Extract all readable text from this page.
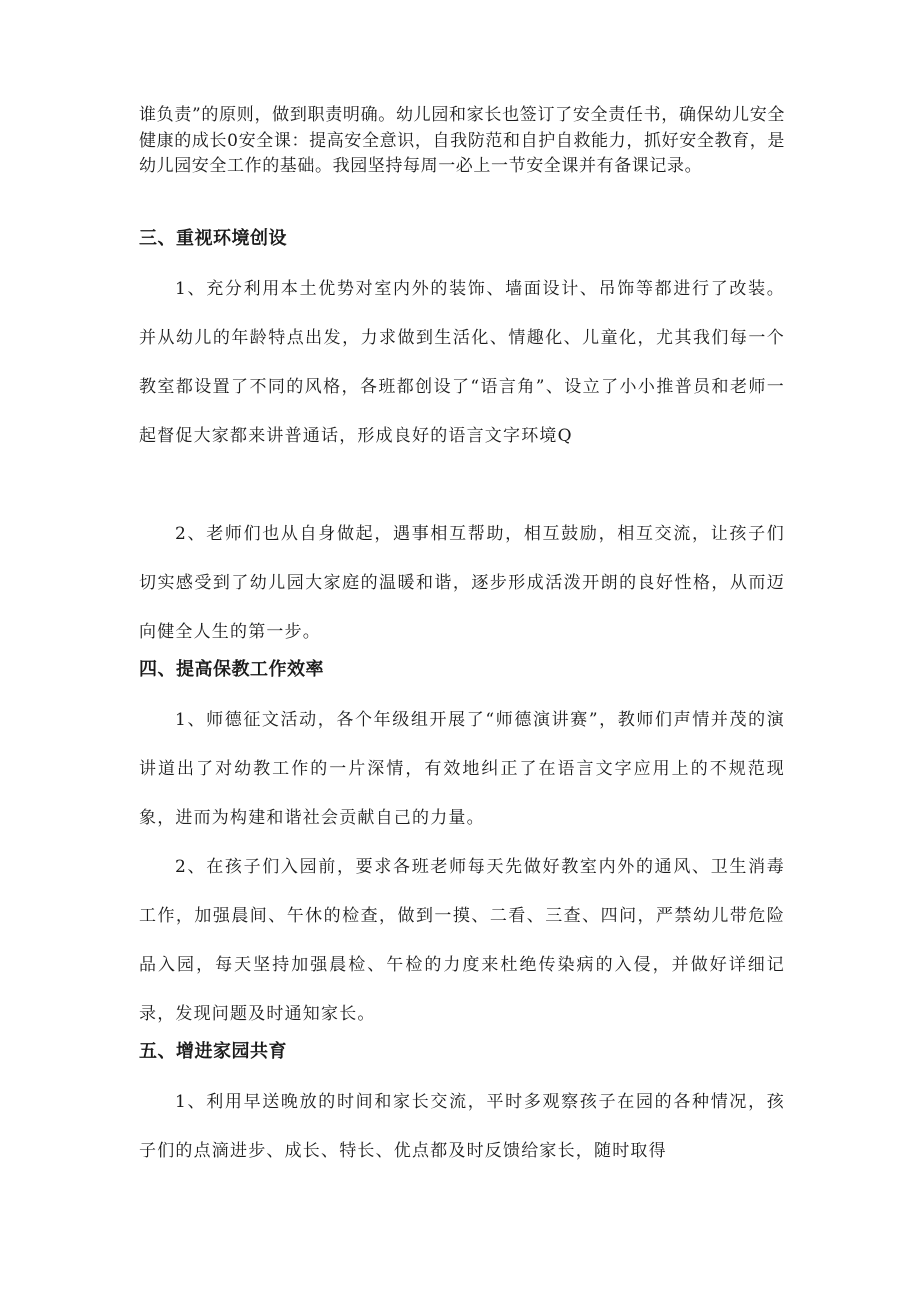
谁负责”的原则，做到职责明确。幼儿园和家长也签订了安全责任书，确保幼儿安全健康的成长0安全课：提高安全意识，自我防范和自护自救能力，抓好安全教育，是幼儿园安全工作的基础。我园坚持每周一必上一节安全课并有备课记录。
三、重视环境创设
1、充分利用本土优势对室内外的装饰、墙面设计、吊饰等都进行了改装。并从幼儿的年龄特点出发，力求做到生活化、情趣化、儿童化，尤其我们每一个教室都设置了不同的风格，各班都创设了“语言角”、设立了小小推普员和老师一起督促大家都来讲普通话，形成良好的语言文字环境Q
2、老师们也从自身做起，遇事相互帮助，相互鼓励，相互交流，让孩子们切实感受到了幼儿园大家庭的温暖和谐，逐步形成活泼开朗的良好性格，从而迈向健全人生的第一步。
四、提高保教工作效率
1、师德征文活动，各个年级组开展了“师德演讲赛”，教师们声情并茂的演讲道出了对幼教工作的一片深情，有效地纠正了在语言文字应用上的不规范现象，进而为构建和谐社会贡献自己的力量。
2、在孩子们入园前，要求各班老师每天先做好教室内外的通风、卫生消毒工作，加强晨间、午休的检查，做到一摸、二看、三查、四问，严禁幼儿带危险品入园，每天坚持加强晨检、午检的力度来杜绝传染病的入侵，并做好详细记录，发现问题及时通知家长。
五、增进家园共育
1、利用早送晚放的时间和家长交流，平时多观察孩子在园的各种情况，孩子们的点滴进步、成长、特长、优点都及时反馈给家长，随时取得
